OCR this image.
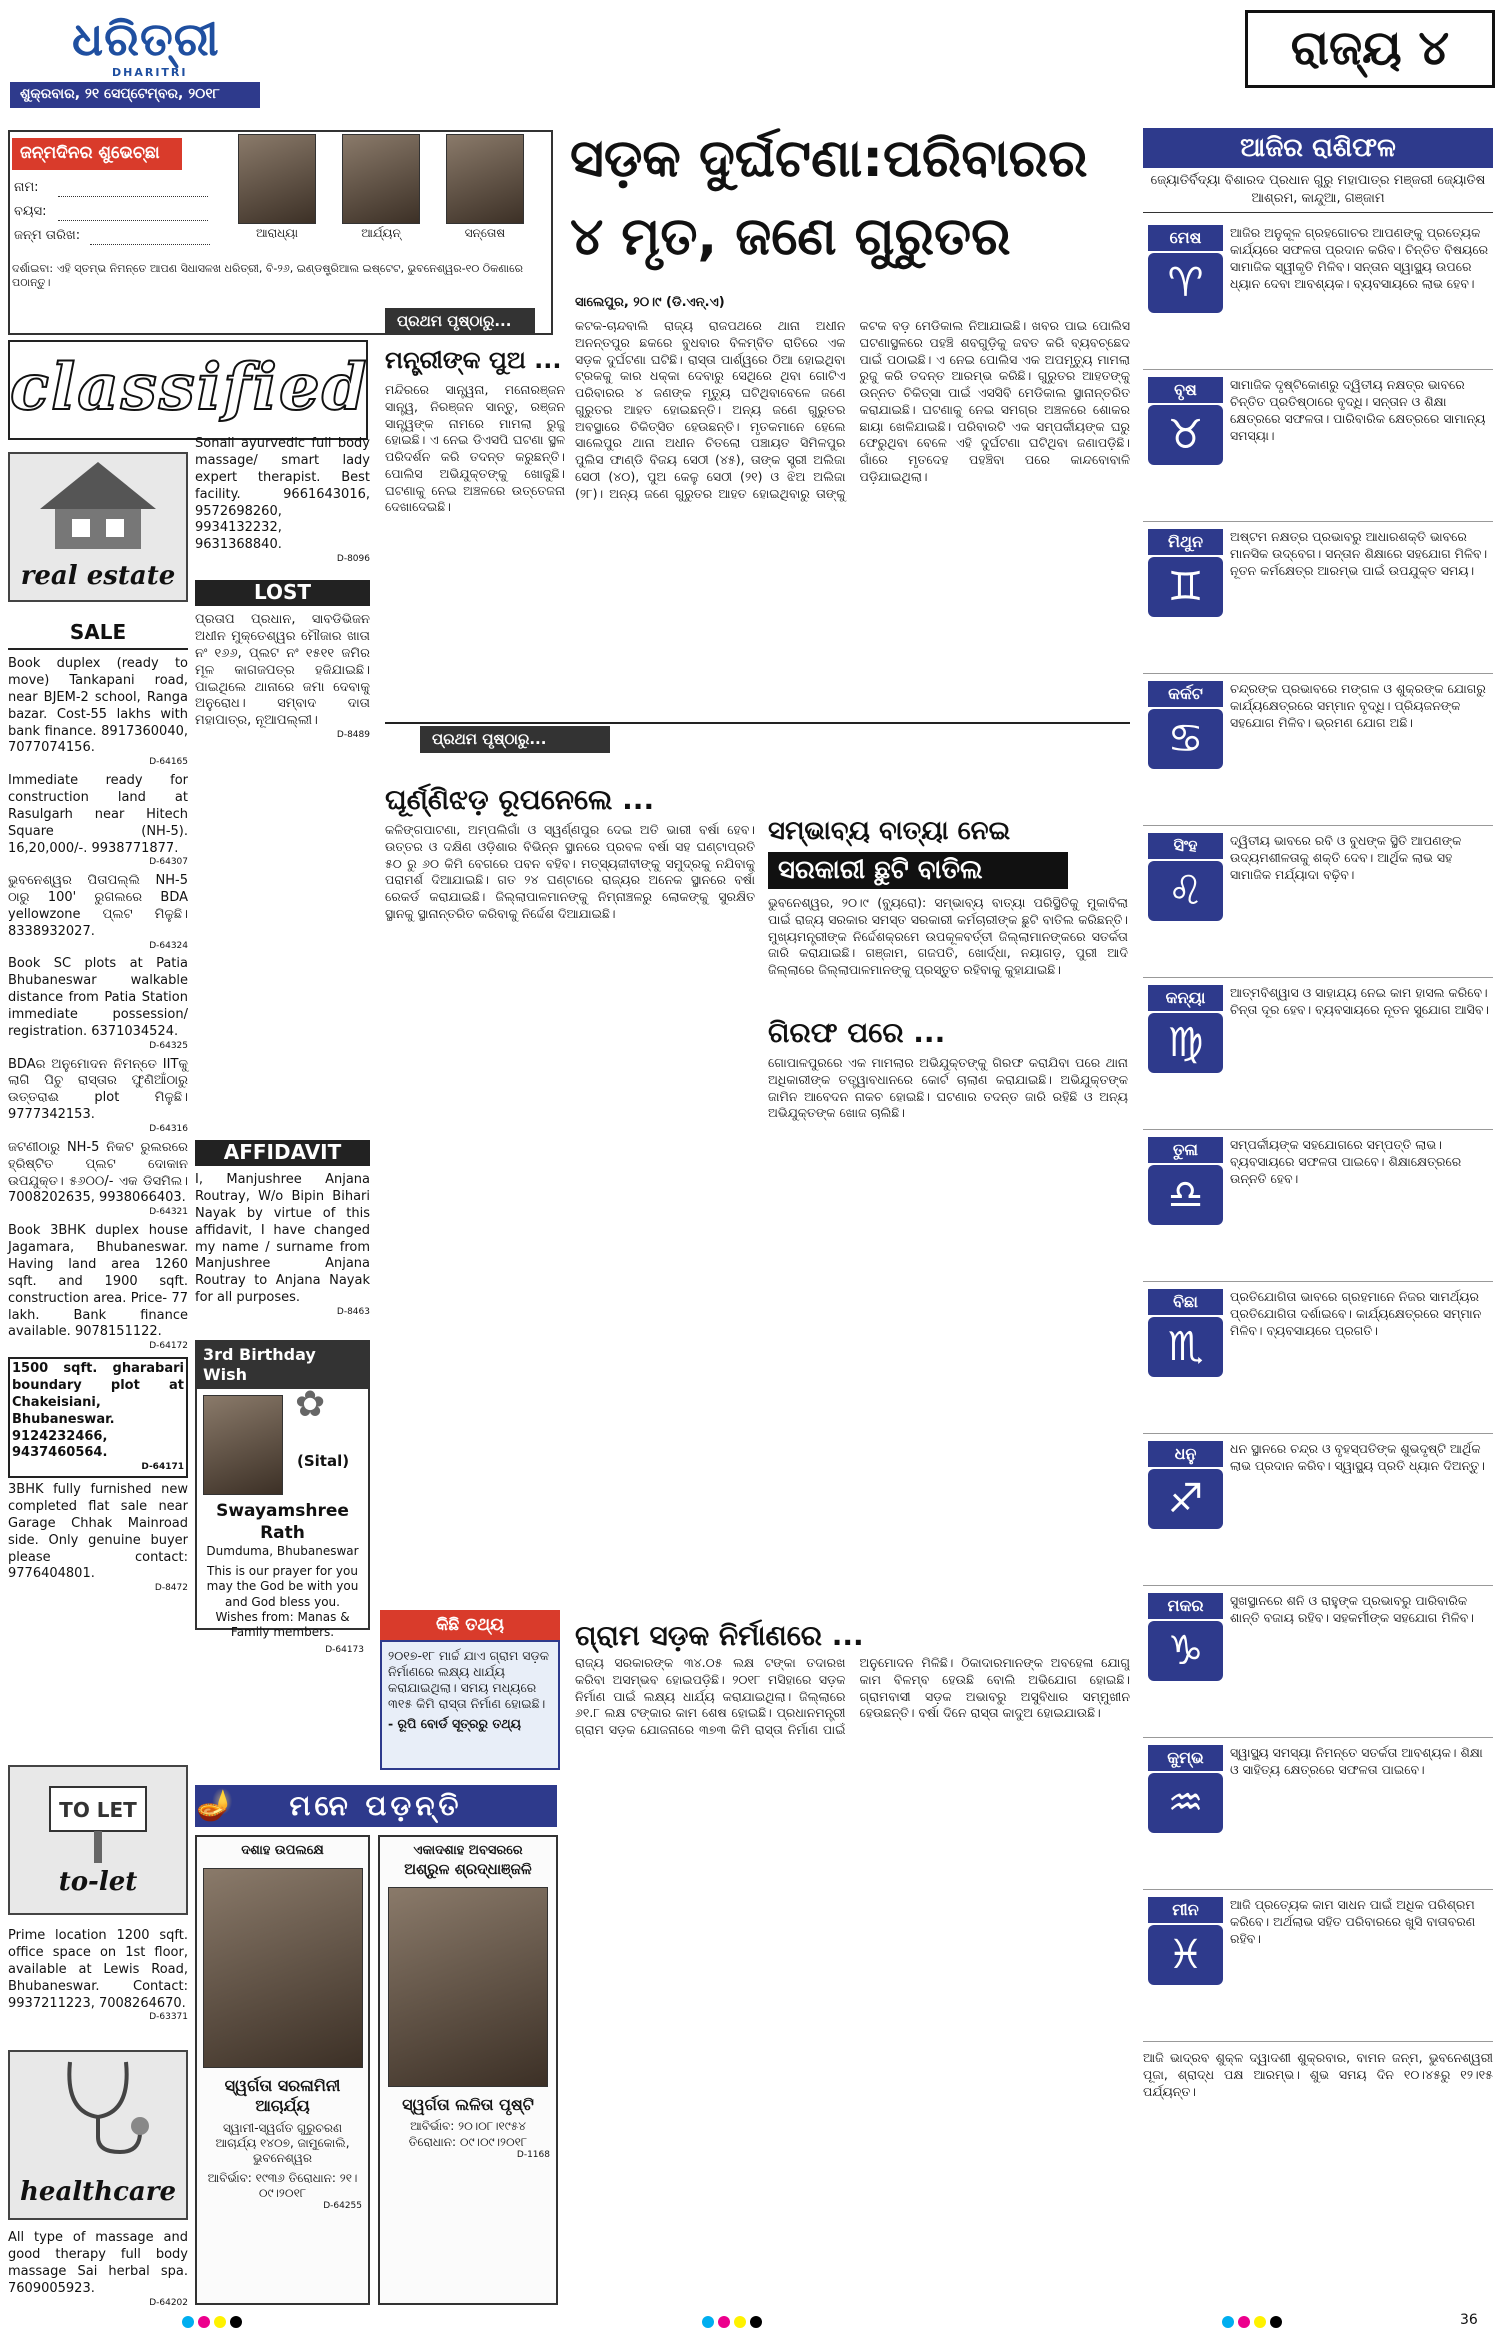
ଧରିତ୍ରୀ
DHARITRI
ଶୁକ୍ରବାର, ୨୧ ସେପ୍ଟେମ୍ବର, ୨୦୧୮
ରାଜ୍ୟ ୪
ଜନ୍ମଦିନର ଶୁଭେଚ୍ଛା
ନାମ:
ବୟସ:
ଜନ୍ମ ତାରିଖ:	ଆରାଧ୍ୟା	ଆର୍ଯ୍ୟନ୍	ସନ୍ତୋଷ
ଦର୍ଶାଇବା: ଏହି ସ୍ତମ୍ଭ ନିମନ୍ତେ ଆପଣ ସିଧାସଳଖ ଧରିତ୍ରୀ, ବି-୨୬, ଇଣ୍ଡଷ୍ଟ୍ରିଆଲ ଇଷ୍ଟେଟ, ଭୁବନେଶ୍ୱର-୧୦ ଠିକଣାରେ ପଠାନ୍ତୁ।
classified
real estate
SALE
Book duplex (ready to move) Tankapani road, near BJEM-2 school, Ranga bazar. Cost-55 lakhs with bank finance. 8917360040, 7077074156.
D-64165
Immediate ready for construction land at Rasulgarh near Hitech Square (NH-5). 16,20,000/-. 9938771877.
D-64307
ଭୁବନେଶ୍ୱର ପିତାପଲ୍ଲି NH-5 ଠାରୁ 100' ରୁଗଲରେ BDA yellowzone ପ୍ଲଟ ମିଳୁଛି। 8338932027.
D-64324
Book SC plots at Patia Bhubaneswar walkable distance from Patia Station immediate possession/ registration. 6371034524.
D-64325
BDAର ଅନୁମୋଦନ ନିମନ୍ତେ IITକୁ ଲାଗି ପିଚୁ ରାସ୍ତାର ଫୁଣିଆଁଠାରୁ ଉତ୍ତରାଈ plot ମିଳୁଛି। 9777342153.
D-64316
ଜଟଣୀଠାରୁ NH-5 ନିକଟ ରୁଲରରେ ହ୍ରିଷ୍ଟିତ ପ୍ଲଟ ଦୋକାନ ଉପଯୁକ୍ତ। ୫୬୦୦/- ଏକ ଡିସମିଲ। 7008202635, 9938066403.
D-64321
Book 3BHK duplex house Jagamara, Bhubaneswar. Having land area 1260 sqft. and 1900 sqft. construction area. Price- 77 lakh. Bank finance available. 9078151122.
D-64172
1500 sqft. gharabari boundary plot at Chakeisiani, Bhubaneswar. 9124232466, 9437460564.
D-64171
3BHK fully furnished new completed flat sale near Garage Chhak Mainroad side. Only genuine buyer please contact: 9776404801.
D-8472
TO LET
to-let
Prime location 1200 sqft. office space on 1st floor, available at Lewis Road, Bhubaneswar. Contact: 9937211223, 7008264670.
D-63371
healthcare
All type of massage and good therapy full body massage Sai herbal spa. 7609005923.
D-64202
Sonali ayurvedic full body massage/ smart lady expert therapist. Best facility. 9661643016, 9572698260, 9934132232, 9631368840.
D-8096
LOST
ପ୍ରତାପ ପ୍ରଧାନ, ସାବଡିଭିଜନ ଅଧୀନ ମୁକ୍ତେଶ୍ୱର ମୌଜାର ଖାତା ନଂ ୧୬୬, ପ୍ଲଟ ନଂ ୧୫୧୧ ଜମିର ମୂଳ କାଗଜପତ୍ର ହଜିଯାଇଛି। ପାଇଥିଲେ ଥାନାରେ ଜମା ଦେବାକୁ ଅନୁରୋଧ। ସମ୍ବାଦ ଦାତା ମହାପାତ୍ର, ନୂଆପଲ୍ଲୀ।
D-8489
AFFIDAVIT
I, Manjushree Anjana Routray, W/o Bipin Bihari Nayak by virtue of this affidavit, I have changed my name / surname from Manjushree Anjana Routray to Anjana Nayak for all purposes.
D-8463
3rd Birthday Wish
✿
(Sital)
Swayamshree Rath
Dumduma, Bhubaneswar
This is our prayer for you may the God be with you and God bless you. Wishes from: Manas & Family members.
D-64173
ସଡ଼କ ଦୁର୍ଘଟଣା:ପରିବାରର
୪ ମୃତ, ଜଣେ ଗୁରୁତର
ସାଲେପୁର, ୨୦।୯ (ଡି.ଏନ୍.ଏ)
କଟକ-ଚାନ୍ଦବାଲି ରାଜ୍ୟ ରାଜପଥରେ ଥାନା ଅଧୀନ ଅନନ୍ତପୁର ଛକରେ ବୁଧବାର ବିଳମ୍ବିତ ରାତିରେ ଏକ ସଡ଼କ ଦୁର୍ଘଟଣା ଘଟିଛି। ରାସ୍ତା ପାର୍ଶ୍ୱରେ ଠିଆ ହୋଇଥିବା ଟ୍ରକକୁ କାର ଧକ୍କା ଦେବାରୁ ସେଥିରେ ଥିବା ଗୋଟିଏ ପରିବାରର ୪ ଜଣଙ୍କ ମୃତ୍ୟୁ ଘଟିଥିବାବେଳେ ଜଣେ ଗୁରୁତର ଆହତ ହୋଇଛନ୍ତି। ଅନ୍ୟ ଜଣେ ଗୁରୁତର ଅବସ୍ଥାରେ ଚିକିତ୍ସିତ ହେଉଛନ୍ତି। ମୃତକମାନେ ହେଲେ ସାଲେପୁର ଥାନା ଅଧୀନ ଚିତଲୋ ପଞ୍ଚାୟତ ସିମିଳପୁର ପୁଲିସ ଫାଣ୍ଡି ବିଜୟ ସେଠୀ (୪୫), ତାଙ୍କ ସ୍ତ୍ରୀ ଅଲିଜା ସେଠୀ (୪୦), ପୁଅ କେଳୁ ସେଠୀ (୨୧) ଓ ଝିଅ ଅଲିଜା (୨୮)। ଅନ୍ୟ ଜଣେ ଗୁରୁତର ଆହତ ହୋଇଥିବାରୁ ତାଙ୍କୁ କଟକ ବଡ଼ ମେଡିକାଲ ନିଆଯାଇଛି। ଖବର ପାଇ ପୋଲିସ ଘଟଣାସ୍ଥଳରେ ପହଞ୍ଚି ଶବଗୁଡ଼ିକୁ ଜବତ କରି ବ୍ୟବଚ୍ଛେଦ ପାଇଁ ପଠାଇଛି। ଏ ନେଇ ପୋଲିସ ଏକ ଅପମୃତ୍ୟୁ ମାମଲା ରୁଜୁ କରି ତଦନ୍ତ ଆରମ୍ଭ କରିଛି। ଗୁରୁତର ଆହତଙ୍କୁ ଉନ୍ନତ ଚିକିତ୍ସା ପାଇଁ ଏସସିବି ମେଡିକାଲ ସ୍ଥାନାନ୍ତରିତ କରାଯାଇଛି। ଘଟଣାକୁ ନେଇ ସମଗ୍ର ଅଞ୍ଚଳରେ ଶୋକର ଛାୟା ଖେଳିଯାଇଛି। ପରିବାରଟି ଏକ ସମ୍ପର୍କୀୟଙ୍କ ଘରୁ ଫେରୁଥିବା ବେଳେ ଏହି ଦୁର୍ଘଟଣା ଘଟିଥିବା ଜଣାପଡ଼ିଛି। ଗାଁରେ ମୃତଦେହ ପହଞ୍ଚିବା ପରେ କାନ୍ଦବୋବାଳି ପଡ଼ିଯାଇଥିଲା।
ପ୍ରଥମ ପୃଷ୍ଠାରୁ...
ମନ୍ତ୍ରୀଙ୍କ ପୁଅ ...
ମନ୍ଦିରରେ ସାନ୍ତ୍ୱନା, ମନୋରଞ୍ଜନ ସାନ୍ତ୍ୱ, ନିରଞ୍ଜନ ସାନ୍ତୁ, ରଞ୍ଜନ ସାନ୍ତ୍ୱଙ୍କ ନାମରେ ମାମଲା ରୁଜୁ ହୋଇଛି। ଏ ନେଇ ଡିଏସପି ଘଟଣା ସ୍ଥଳ ପରିଦର୍ଶନ କରି ତଦନ୍ତ କରୁଛନ୍ତି। ପୋଲିସ ଅଭିଯୁକ୍ତଙ୍କୁ ଖୋଜୁଛି। ଘଟଣାକୁ ନେଇ ଅଞ୍ଚଳରେ ଉତ୍ତେଜନା ଦେଖାଦେଇଛି।
ପ୍ରଥମ ପୃଷ୍ଠାରୁ...
ଘୂର୍ଣ୍ଣିଝଡ଼ ରୂପନେଲେ ...
କଳିଙ୍ଗପାଟଣା, ଅମ୍ପଲିଗାଁ ଓ ସ୍ୱର୍ଣ୍ଣପୁର ଦେଇ ଅତି ଭାରୀ ବର୍ଷା ହେବ। ଉତ୍ତର ଓ ଦକ୍ଷିଣ ଓଡ଼ିଶାର ବିଭିନ୍ନ ସ୍ଥାନରେ ପ୍ରବଳ ବର୍ଷା ସହ ଘଣ୍ଟାପ୍ରତି ୫୦ ରୁ ୬୦ କିମି ବେଗରେ ପବନ ବହିବ। ମତ୍ସ୍ୟଜୀବୀଙ୍କୁ ସମୁଦ୍ରକୁ ନଯିବାକୁ ପରାମର୍ଶ ଦିଆଯାଇଛି। ଗତ ୨୪ ଘଣ୍ଟାରେ ରାଜ୍ୟର ଅନେକ ସ୍ଥାନରେ ବର୍ଷା ରେକର୍ଡ କରାଯାଇଛି। ଜିଲ୍ଲାପାଳମାନଙ୍କୁ ନିମ୍ନାଞ୍ଚଳରୁ ଲୋକଙ୍କୁ ସୁରକ୍ଷିତ ସ୍ଥାନକୁ ସ୍ଥାନାନ୍ତରିତ କରିବାକୁ ନିର୍ଦ୍ଦେଶ ଦିଆଯାଇଛି।
ସମ୍ଭାବ୍ୟ ବାତ୍ୟା ନେଇ
ସରକାରୀ ଛୁଟି ବାତିଲ
ଭୁବନେଶ୍ୱର, ୨୦।୯ (ବ୍ୟୁରୋ): ସମ୍ଭାବ୍ୟ ବାତ୍ୟା ପରିସ୍ଥିତିକୁ ମୁକାବିଲା ପାଇଁ ରାଜ୍ୟ ସରକାର ସମସ୍ତ ସରକାରୀ କର୍ମଚାରୀଙ୍କ ଛୁଟି ବାତିଲ କରିଛନ୍ତି। ମୁଖ୍ୟମନ୍ତ୍ରୀଙ୍କ ନିର୍ଦ୍ଦେଶକ୍ରମେ ଉପକୂଳବର୍ତ୍ତୀ ଜିଲ୍ଲାମାନଙ୍କରେ ସତର୍କତା ଜାରି କରାଯାଇଛି। ଗଞ୍ଜାମ, ଗଜପତି, ଖୋର୍ଦ୍ଧା, ନୟାଗଡ଼, ପୁରୀ ଆଦି ଜିଲ୍ଲାରେ ଜିଲ୍ଲାପାଳମାନଙ୍କୁ ପ୍ରସ୍ତୁତ ରହିବାକୁ କୁହାଯାଇଛି।
ଗିରଫ ପରେ ...
ଗୋପାଳପୁରରେ ଏକ ମାମଲାର ଅଭିଯୁକ୍ତଙ୍କୁ ଗିରଫ କରାଯିବା ପରେ ଥାନା ଅଧିକାରୀଙ୍କ ତତ୍ତ୍ୱାବଧାନରେ କୋର୍ଟ ଚାଲାଣ କରାଯାଇଛି। ଅଭିଯୁକ୍ତଙ୍କ ଜାମିନ ଆବେଦନ ନାକଚ ହୋଇଛି। ଘଟଣାର ତଦନ୍ତ ଜାରି ରହିଛି ଓ ଅନ୍ୟ ଅଭିଯୁକ୍ତଙ୍କ ଖୋଜ ଚାଲିଛି।
କିଛି ତଥ୍ୟ
୨୦୧୭-୧୮ ମାର୍ଚ୍ଚ ଯାଏ ଗ୍ରାମ ସଡ଼କ ନିର୍ମାଣରେ ଲକ୍ଷ୍ୟ ଧାର୍ଯ୍ୟ କରାଯାଇଥିଲା। ସମୟ ମଧ୍ୟରେ ୩୧୫ କିମି ରାସ୍ତା ନିର୍ମାଣ ହୋଇଛି।
- ରୂପି ବୋର୍ଡ ସୂତ୍ରରୁ ତଥ୍ୟ
ଗ୍ରାମ ସଡ଼କ ନିର୍ମାଣରେ ...
ରାଜ୍ୟ ସରକାରଙ୍କ ୩୪.୦୫ ଲକ୍ଷ ଟଙ୍କା ତଦାରଖ କରିବା ଅସମ୍ଭବ ହୋଇପଡ଼ିଛି। ୨୦୧୮ ମସିହାରେ ସଡ଼କ ନିର୍ମାଣ ପାଇଁ ଲକ୍ଷ୍ୟ ଧାର୍ଯ୍ୟ କରାଯାଇଥିଲା। ଜିଲ୍ଲାରେ ୬୧.୮ ଲକ୍ଷ ଟଙ୍କାର କାମ ଶେଷ ହୋଇଛି। ପ୍ରଧାନମନ୍ତ୍ରୀ ଗ୍ରାମ ସଡ଼କ ଯୋଜନାରେ ୩୭୩ କିମି ରାସ୍ତା ନିର୍ମାଣ ପାଇଁ ଅନୁମୋଦନ ମିଳିଛି। ଠିକାଦାରମାନଙ୍କ ଅବହେଳା ଯୋଗୁ କାମ ବିଳମ୍ବ ହେଉଛି ବୋଲି ଅଭିଯୋଗ ହୋଇଛି। ଗ୍ରାମବାସୀ ସଡ଼କ ଅଭାବରୁ ଅସୁବିଧାର ସମ୍ମୁଖୀନ ହେଉଛନ୍ତି। ବର୍ଷା ଦିନେ ରାସ୍ତା କାଦୁଅ ହୋଇଯାଉଛି।
🪔	ମନେ ପଡ଼ନ୍ତି
ଦଶାହ ଉପଲକ୍ଷେ
ସ୍ୱର୍ଗତା ସରଳାମିନୀ ଆଚାର୍ଯ୍ୟ
ସ୍ୱାମୀ-ସ୍ୱର୍ଗତ ଗୁରୁଚରଣ ଆଚାର୍ଯ୍ୟ ୧୪୦୭, ଜାମୁକୋଲି, ଭୁବନେଶ୍ୱର
ଆବିର୍ଭାବ: ୧୯୩୬ ତିରୋଧାନ: ୨୧।୦୯।୨୦୧୮
D-64255
ଏକାଦଶାହ ଅବସରରେ
ଅଶ୍ରୁଳ ଶ୍ରଦ୍ଧାଞ୍ଜଳି
ସ୍ୱର୍ଗତା ଲଳିତା ପୃଷ୍ଟି
ଆବିର୍ଭାବ: ୨୦।୦୮।୧୯୫୪ ତିରୋଧାନ: ୦୯।୦୯।୨୦୧୮
D-1168
ଆଜିର ରାଶିଫଳ
ଜ୍ୟୋତିର୍ବିଦ୍ୟା ବିଶାରଦ ପ୍ରଧାନ ଗୁରୁ ମହାପାତ୍ର ମଞ୍ଜରୀ ଜ୍ୟୋତିଷ ଆଶ୍ରମ, କାନ୍ଦୁଆ, ଗଞ୍ଜାମ
ମେଷ
♈
ଆଜିର ଅନୁକୂଳ ଗ୍ରହଗୋଚର ଆପଣଙ୍କୁ ପ୍ରତ୍ୟେକ କାର୍ଯ୍ୟରେ ସଫଳତା ପ୍ରଦାନ କରିବ। ଚିନ୍ତିତ ବିଷୟରେ ସାମାଜିକ ସ୍ୱୀକୃତି ମିଳିବ। ସନ୍ତାନ ସ୍ୱାସ୍ଥ୍ୟ ଉପରେ ଧ୍ୟାନ ଦେବା ଆବଶ୍ୟକ। ବ୍ୟବସାୟରେ ଲାଭ ହେବ।
ବୃଷ
♉
ସାମାଜିକ ଦୃଷ୍ଟିକୋଣରୁ ଦ୍ୱିତୀୟ ନକ୍ଷତ୍ର ଭାବରେ ଚିନ୍ତିତ ପ୍ରତିଷ୍ଠାରେ ବୃଦ୍ଧି। ସନ୍ତାନ ଓ ଶିକ୍ଷା କ୍ଷେତ୍ରରେ ସଫଳତା। ପାରିବାରିକ କ୍ଷେତ୍ରରେ ସାମାନ୍ୟ ସମସ୍ୟା।
ମିଥୁନ
♊
ଅଷ୍ଟମ ନକ୍ଷତ୍ର ପ୍ରଭାବରୁ ଆଧାରଶକ୍ତି ଭାବରେ ମାନସିକ ଉଦ୍ବେଗ। ସନ୍ତାନ ଶିକ୍ଷାରେ ସହଯୋଗ ମିଳିବ। ନୂତନ କର୍ମକ୍ଷେତ୍ର ଆରମ୍ଭ ପାଇଁ ଉପଯୁକ୍ତ ସମୟ।
କର୍କଟ
♋
ଚନ୍ଦ୍ରଙ୍କ ପ୍ରଭାବରେ ମଙ୍ଗଳ ଓ ଶୁକ୍ରଙ୍କ ଯୋଗରୁ କାର୍ଯ୍ୟକ୍ଷେତ୍ରରେ ସମ୍ମାନ ବୃଦ୍ଧି। ପ୍ରିୟଜନଙ୍କ ସହଯୋଗ ମିଳିବ। ଭ୍ରମଣ ଯୋଗ ଅଛି।
ସିଂହ
♌
ଦ୍ୱିତୀୟ ଭାବରେ ରବି ଓ ବୁଧଙ୍କ ସ୍ଥିତି ଆପଣଙ୍କ ଉଦ୍ୟମଶୀଳତାକୁ ଶକ୍ତି ଦେବ। ଆର୍ଥିକ ଲାଭ ସହ ସାମାଜିକ ମର୍ଯ୍ୟାଦା ବଢ଼ିବ।
କନ୍ୟା
♍
ଆତ୍ମବିଶ୍ୱାସ ଓ ସାହାଯ୍ୟ ନେଇ କାମ ହାସଲ କରିବେ। ଚିନ୍ତା ଦୂର ହେବ। ବ୍ୟବସାୟରେ ନୂତନ ସୁଯୋଗ ଆସିବ।
ତୁଳା
♎
ସମ୍ପର୍କୀୟଙ୍କ ସହଯୋଗରେ ସମ୍ପତ୍ତି ଲାଭ। ବ୍ୟବସାୟରେ ସଫଳତା ପାଇବେ। ଶିକ୍ଷାକ୍ଷେତ୍ରରେ ଉନ୍ନତି ହେବ।
ବିଛା
♏
ପ୍ରତିଯୋଗିତା ଭାବରେ ଗ୍ରହମାନେ ନିଜର ସାମର୍ଥ୍ୟର ପ୍ରତିଯୋଗିତା ଦର୍ଶାଇବେ। କାର୍ଯ୍ୟକ୍ଷେତ୍ରରେ ସମ୍ମାନ ମିଳିବ। ବ୍ୟବସାୟରେ ପ୍ରଗତି।
ଧନୁ
♐
ଧନ ସ୍ଥାନରେ ଚନ୍ଦ୍ର ଓ ବୃହସ୍ପତିଙ୍କ ଶୁଭଦୃଷ୍ଟି ଆର୍ଥିକ ଲାଭ ପ୍ରଦାନ କରିବ। ସ୍ୱାସ୍ଥ୍ୟ ପ୍ରତି ଧ୍ୟାନ ଦିଅନ୍ତୁ।
ମକର
♑
ସୁଖସ୍ଥାନରେ ଶନି ଓ ରାହୁଙ୍କ ପ୍ରଭାବରୁ ପାରିବାରିକ ଶାନ୍ତି ବଜାୟ ରହିବ। ସହକର୍ମୀଙ୍କ ସହଯୋଗ ମିଳିବ।
କୁମ୍ଭ
♒
ସ୍ୱାସ୍ଥ୍ୟ ସମସ୍ୟା ନିମନ୍ତେ ସତର୍କତା ଆବଶ୍ୟକ। ଶିକ୍ଷା ଓ ସାହିତ୍ୟ କ୍ଷେତ୍ରରେ ସଫଳତା ପାଇବେ।
ମୀନ
♓
ଆଜି ପ୍ରତ୍ୟେକ କାମ ସାଧନ ପାଇଁ ଅଧିକ ପରିଶ୍ରମ କରିବେ। ଅର୍ଥଲାଭ ସହିତ ପରିବାରରେ ଖୁସି ବାତାବରଣ ରହିବ।
ଆଜି ଭାଦ୍ରବ ଶୁକ୍ଳ ଦ୍ୱାଦଶୀ ଶୁକ୍ରବାର, ବାମନ ଜନ୍ମ, ଭୁବନେଶ୍ୱରୀ ପୂଜା, ଶ୍ରାଦ୍ଧ ପକ୍ଷ ଆରମ୍ଭ। ଶୁଭ ସମୟ ଦିନ ୧୦।୪୫ରୁ ୧୨।୧୫ ପର୍ଯ୍ୟନ୍ତ।
36
